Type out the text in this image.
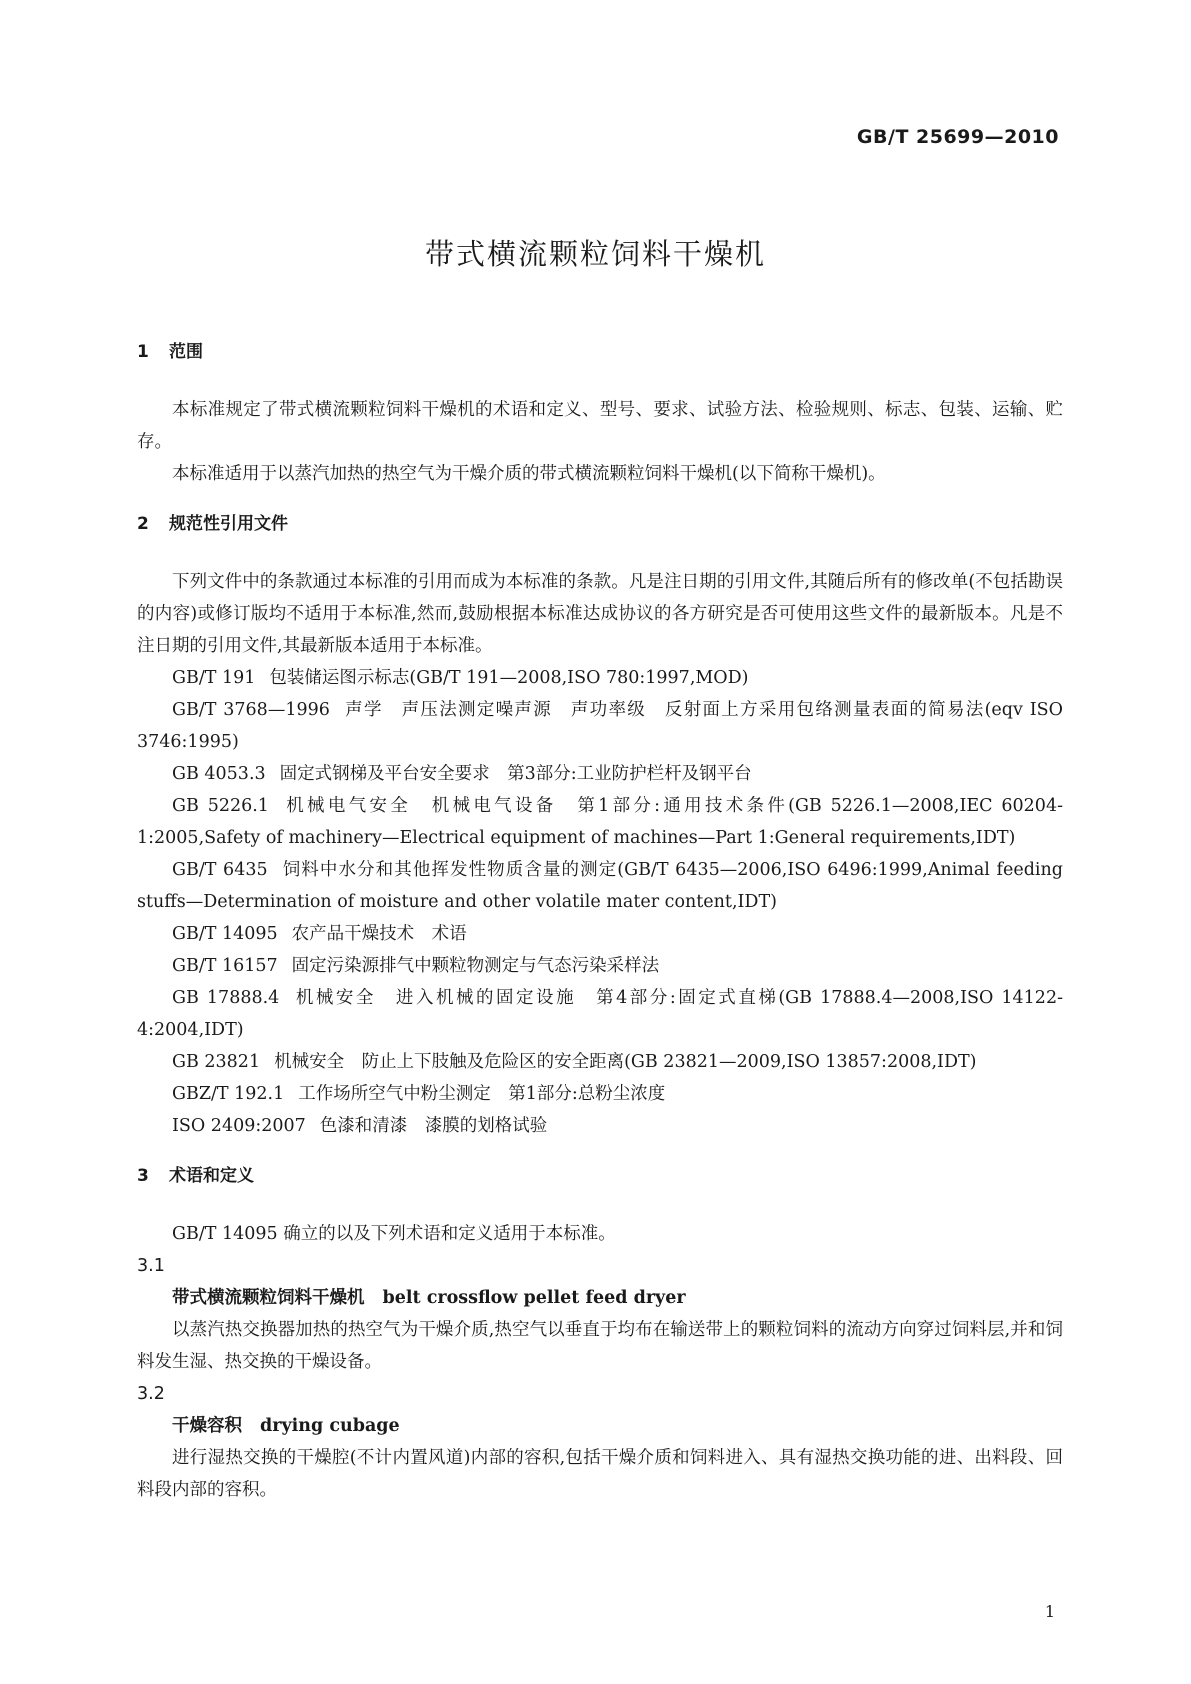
GB/T 25699—2010
带式横流颗粒饲料干燥机

1 范围

本标准规定了带式横流颗粒饲料干燥机的术语和定义、型号、要求、试验方法、检验规则、标志、包装、运输、贮存。

本标准适用于以蒸汽加热的热空气为干燥介质的带式横流颗粒饲料干燥机(以下简称干燥机)。

2 规范性引用文件

下列文件中的条款通过本标准的引用而成为本标准的条款。凡是注日期的引用文件,其随后所有的修改单(不包括勘误的内容)或修订版均不适用于本标准,然而,鼓励根据本标准达成协议的各方研究是否可使用这些文件的最新版本。凡是不注日期的引用文件,其最新版本适用于本标准。

GB/T 191 包装储运图示标志(GB/T 191—2008,ISO 780:1997,MOD)

GB/T 3768—1996 声学　声压法测定噪声源　声功率级　反射面上方采用包络测量表面的简易法(eqv ISO 3746:1995)

GB 4053.3 固定式钢梯及平台安全要求　第3部分:工业防护栏杆及钢平台

GB 5226.1 机械电气安全　机械电气设备　第1部分:通用技术条件(GB 5226.1—2008,IEC 60204-1:2005,Safety of machinery—Electrical equipment of machines—Part 1:General requirements,IDT)

GB/T 6435 饲料中水分和其他挥发性物质含量的测定(GB/T 6435—2006,ISO 6496:1999,Animal feeding stuffs—Determination of moisture and other volatile mater content,IDT)

GB/T 14095 农产品干燥技术　术语

GB/T 16157 固定污染源排气中颗粒物测定与气态污染采样法

GB 17888.4 机械安全　进入机械的固定设施　第4部分:固定式直梯(GB 17888.4—2008,ISO 14122-4:2004,IDT)

GB 23821 机械安全　防止上下肢触及危险区的安全距离(GB 23821—2009,ISO 13857:2008,IDT)

GBZ/T 192.1 工作场所空气中粉尘测定　第1部分:总粉尘浓度

ISO 2409:2007 色漆和清漆　漆膜的划格试验

3 术语和定义

GB/T 14095 确立的以及下列术语和定义适用于本标准。

3.1

带式横流颗粒饲料干燥机 belt crossflow pellet feed dryer

以蒸汽热交换器加热的热空气为干燥介质,热空气以垂直于均布在输送带上的颗粒饲料的流动方向穿过饲料层,并和饲料发生湿、热交换的干燥设备。

3.2

干燥容积 drying cubage

进行湿热交换的干燥腔(不计内置风道)内部的容积,包括干燥介质和饲料进入、具有湿热交换功能的进、出料段、回料段内部的容积。

1
